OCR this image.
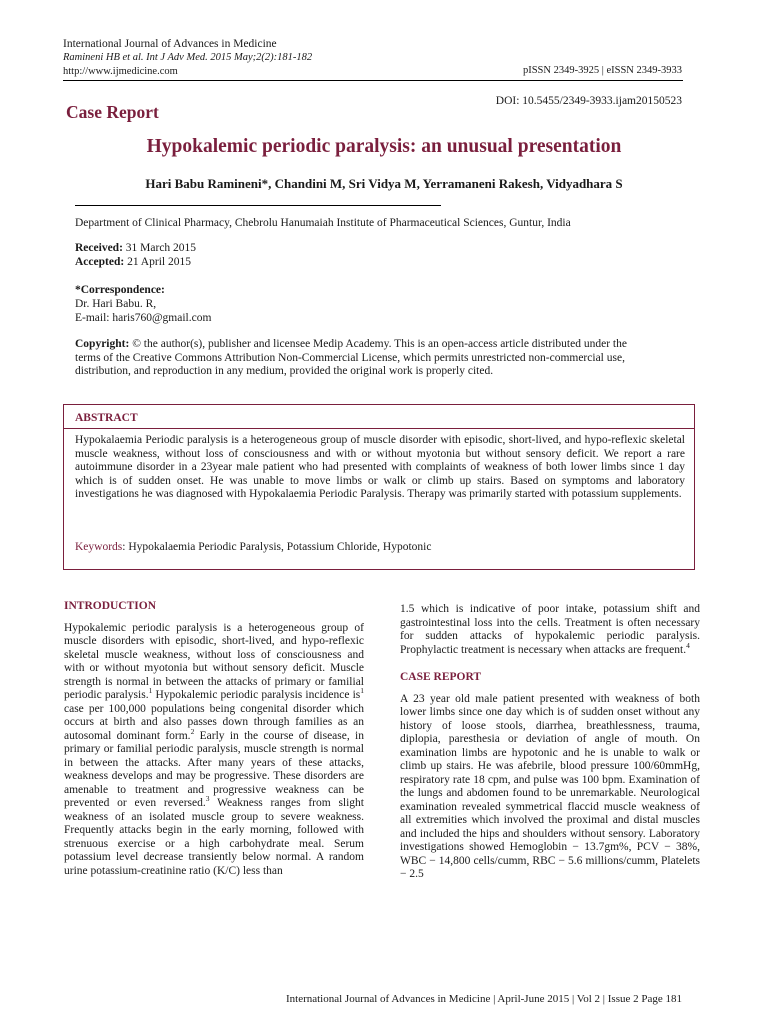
International Journal of Advances in Medicine
Ramineni HB et al. Int J Adv Med. 2015 May;2(2):181-182
http://www.ijmedicine.com	pISSN 2349-3925 | eISSN 2349-3933
DOI: 10.5455/2349-3933.ijam20150523
Case Report
Hypokalemic periodic paralysis: an unusual presentation
Hari Babu Ramineni*, Chandini M, Sri Vidya M, Yerramaneni Rakesh, Vidyadhara S
Department of Clinical Pharmacy, Chebrolu Hanumaiah Institute of Pharmaceutical Sciences, Guntur, India
Received: 31 March 2015
Accepted: 21 April 2015
*Correspondence:
Dr. Hari Babu. R,
E-mail: haris760@gmail.com
Copyright: © the author(s), publisher and licensee Medip Academy. This is an open-access article distributed under the terms of the Creative Commons Attribution Non-Commercial License, which permits unrestricted non-commercial use, distribution, and reproduction in any medium, provided the original work is properly cited.
ABSTRACT
Hypokalaemia Periodic paralysis is a heterogeneous group of muscle disorder with episodic, short-lived, and hypo-reflexic skeletal muscle weakness, without loss of consciousness and with or without myotonia but without sensory deficit. We report a rare autoimmune disorder in a 23year male patient who had presented with complaints of weakness of both lower limbs since 1 day which is of sudden onset. He was unable to move limbs or walk or climb up stairs. Based on symptoms and laboratory investigations he was diagnosed with Hypokalaemia Periodic Paralysis. Therapy was primarily started with potassium supplements.
Keywords: Hypokalaemia Periodic Paralysis, Potassium Chloride, Hypotonic
INTRODUCTION

Hypokalemic periodic paralysis is a heterogeneous group of muscle disorders with episodic, short-lived, and hypo-reflexic skeletal muscle weakness, without loss of consciousness and with or without myotonia but without sensory deficit. Muscle strength is normal in between the attacks of primary or familial periodic paralysis.$^1$ Hypokalemic periodic paralysis incidence $is^1$ case per 100,000 populations being congenital disorder which occurs at birth and also passes down through families as an autosomal dominant form.$^2$ Early in the course of disease, in primary or familial periodic paralysis, muscle strength is normal in between the attacks. After many years of these attacks, weakness develops and may be progressive. These disorders are amenable to treatment and progressive weakness can be prevented or even reversed.$^3$ Weakness ranges from slight weakness of an isolated muscle group to severe weakness. Frequently attacks begin in the early morning, followed with strenuous exercise or a high carbohydrate meal. Serum potassium level decrease transiently below normal. A random urine potassium-creatinine ratio (K/C) less than

1.5 which is indicative of poor intake, potassium shift and gastrointestinal loss into the cells. Treatment is often necessary for sudden attacks of hypokalemic periodic paralysis. Prophylactic treatment is necessary when attacks are frequent.$^4$

CASE REPORT

A 23 year old male patient presented with weakness of both lower limbs since one day which is of sudden onset without any history of loose stools, diarrhea, breathlessness, trauma, diplopia, paresthesia or deviation of angle of mouth. On examination limbs are hypotonic and he is unable to walk or climb up stairs. He was afebrile, blood pressure 100/60mmHg, respiratory rate 18 cpm, and pulse was 100 bpm. Examination of the lungs and abdomen found to be unremarkable. Neurological examination revealed symmetrical flaccid muscle weakness of all extremities which involved the proximal and distal muscles and included the hips and shoulders without sensory. Laboratory investigations showed Hemoglobin − 13.7gm%, PCV − 38%, WBC − 14,800 cells/cumm, RBC − 5.6 millions/cumm, Platelets − 2.5

International Journal of Advances in Medicine | April-June 2015 | Vol 2 | Issue 2 Page 181
